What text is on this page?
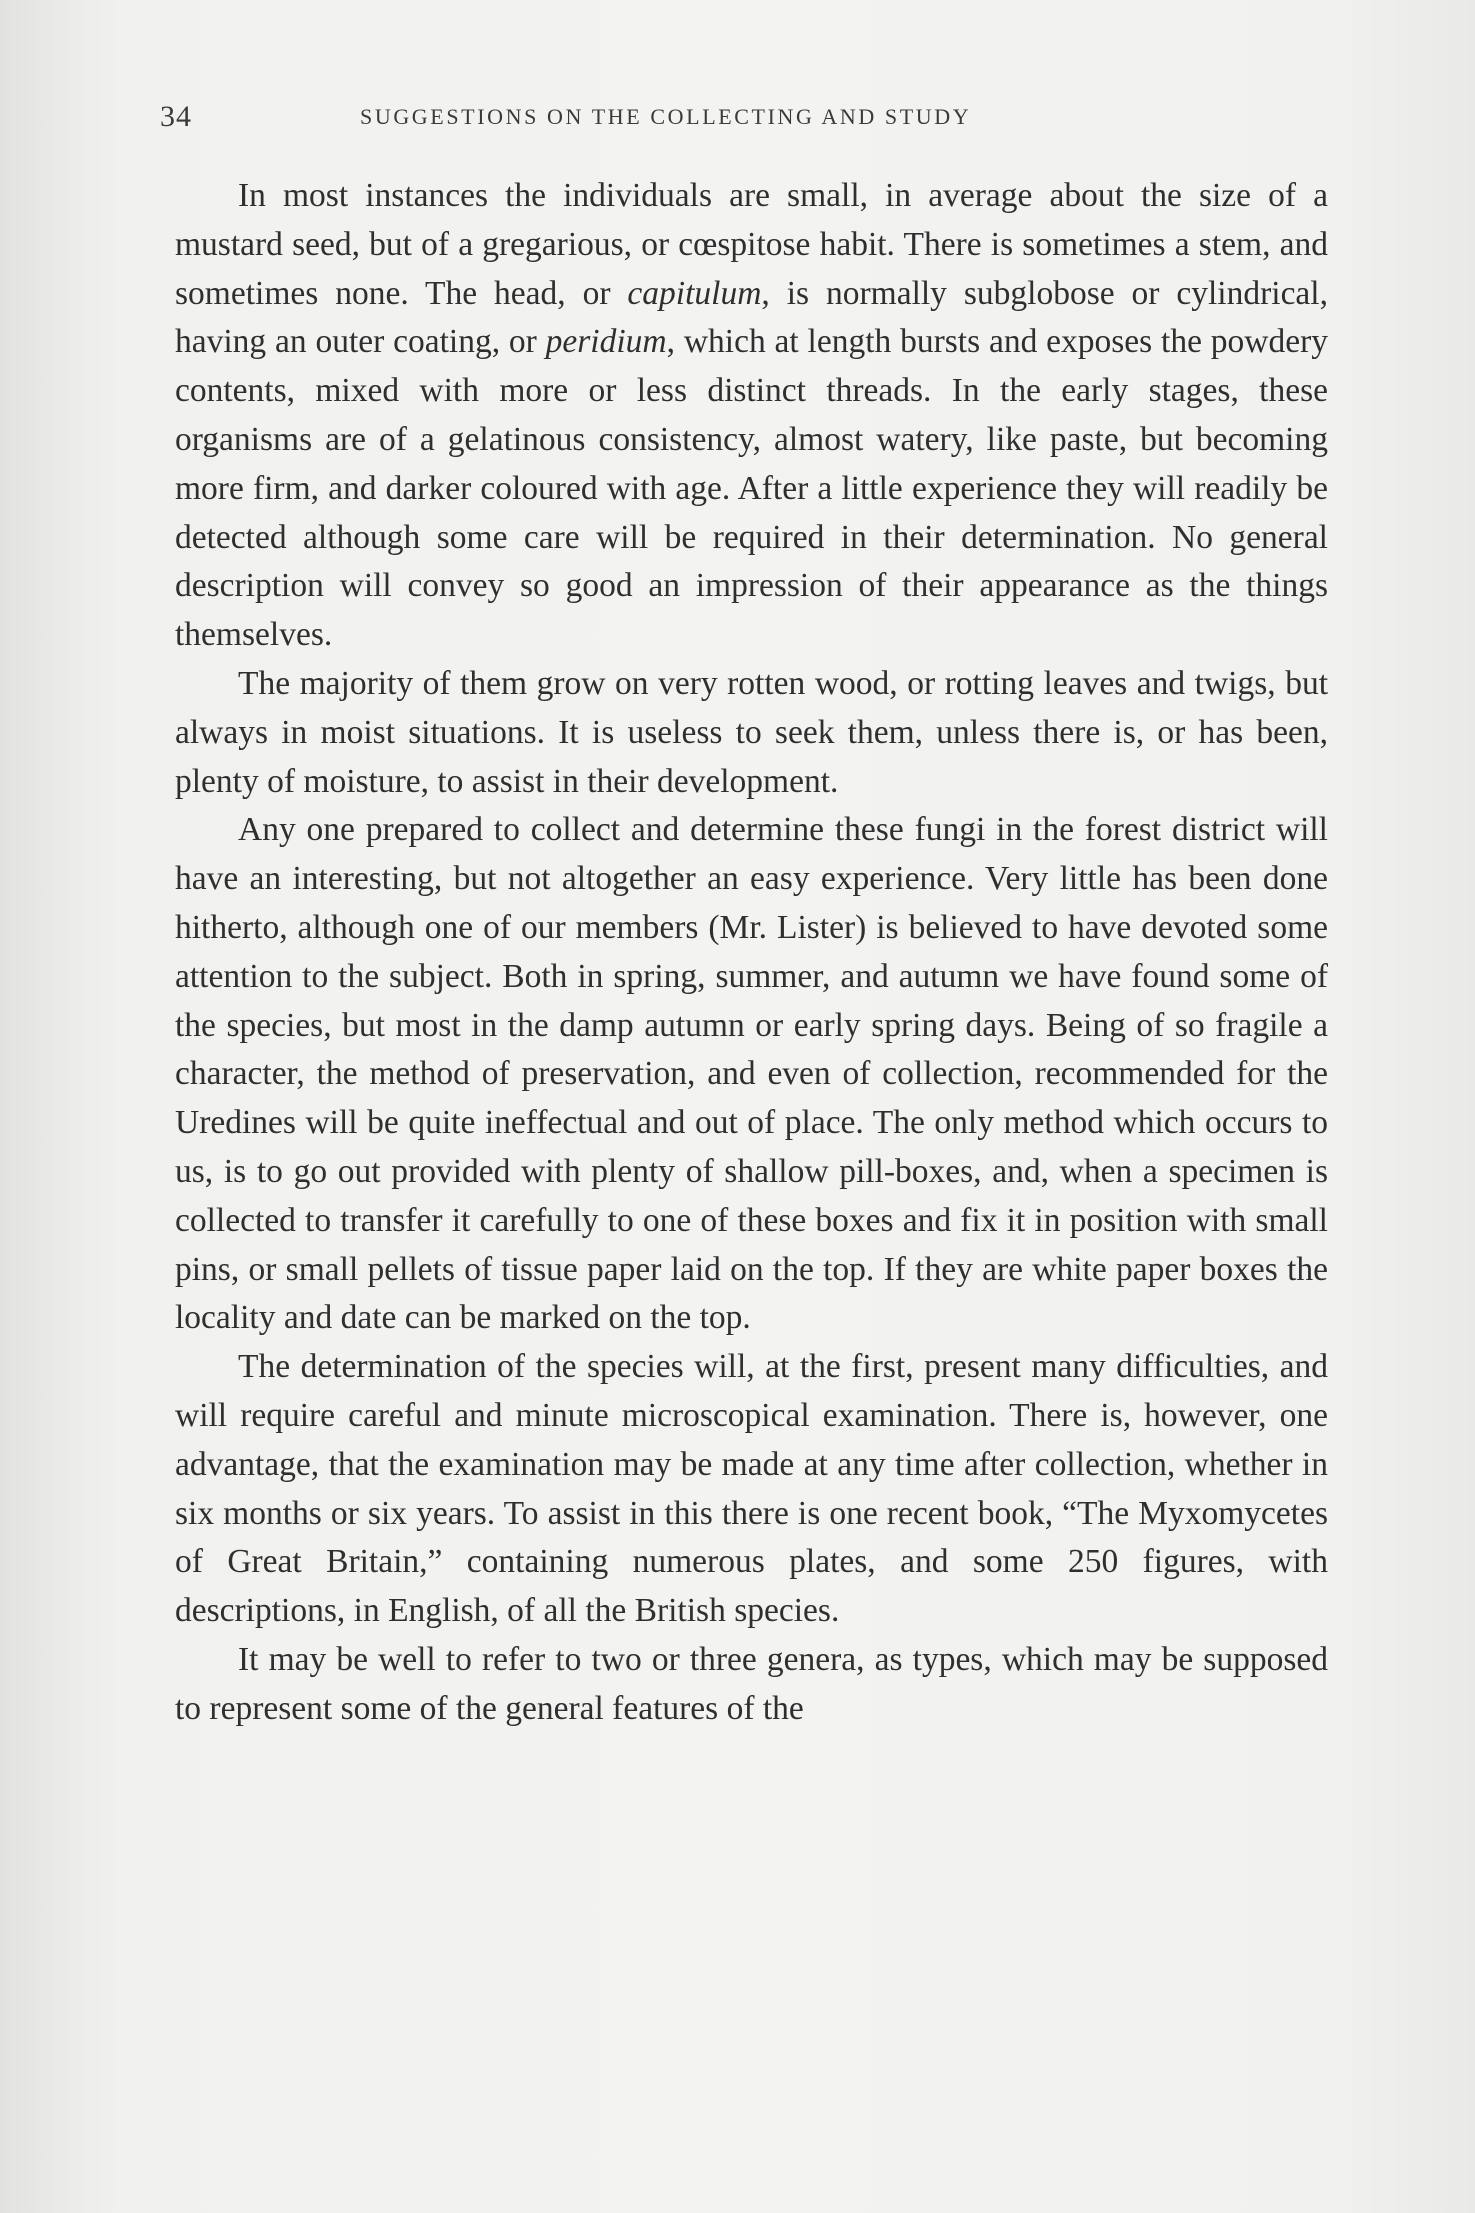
34	SUGGESTIONS ON THE COLLECTING AND STUDY

In most instances the individuals are small, in average about the size of a mustard seed, but of a gregarious, or cœspitose habit. There is sometimes a stem, and sometimes none. The head, or capitulum, is normally subglobose or cylindrical, having an outer coating, or peridium, which at length bursts and exposes the powdery contents, mixed with more or less distinct threads. In the early stages, these organisms are of a gelatinous consistency, almost watery, like paste, but becoming more firm, and darker coloured with age. After a little experience they will readily be detected although some care will be required in their determination. No general description will convey so good an impression of their appearance as the things themselves.

The majority of them grow on very rotten wood, or rotting leaves and twigs, but always in moist situations. It is useless to seek them, unless there is, or has been, plenty of moisture, to assist in their development.

Any one prepared to collect and determine these fungi in the forest district will have an interesting, but not altogether an easy experience. Very little has been done hitherto, although one of our members (Mr. Lister) is believed to have devoted some attention to the subject. Both in spring, summer, and autumn we have found some of the species, but most in the damp autumn or early spring days. Being of so fragile a character, the method of preservation, and even of collection, recommended for the Uredines will be quite ineffectual and out of place. The only method which occurs to us, is to go out provided with plenty of shallow pill-boxes, and, when a specimen is collected to transfer it carefully to one of these boxes and fix it in position with small pins, or small pellets of tissue paper laid on the top. If they are white paper boxes the locality and date can be marked on the top.

The determination of the species will, at the first, present many difficulties, and will require careful and minute microscopical examination. There is, however, one advantage, that the examination may be made at any time after collection, whether in six months or six years. To assist in this there is one recent book, “The Myxomycetes of Great Britain,” containing numerous plates, and some 250 figures, with descriptions, in English, of all the British species.

It may be well to refer to two or three genera, as types, which may be supposed to represent some of the general features of the
